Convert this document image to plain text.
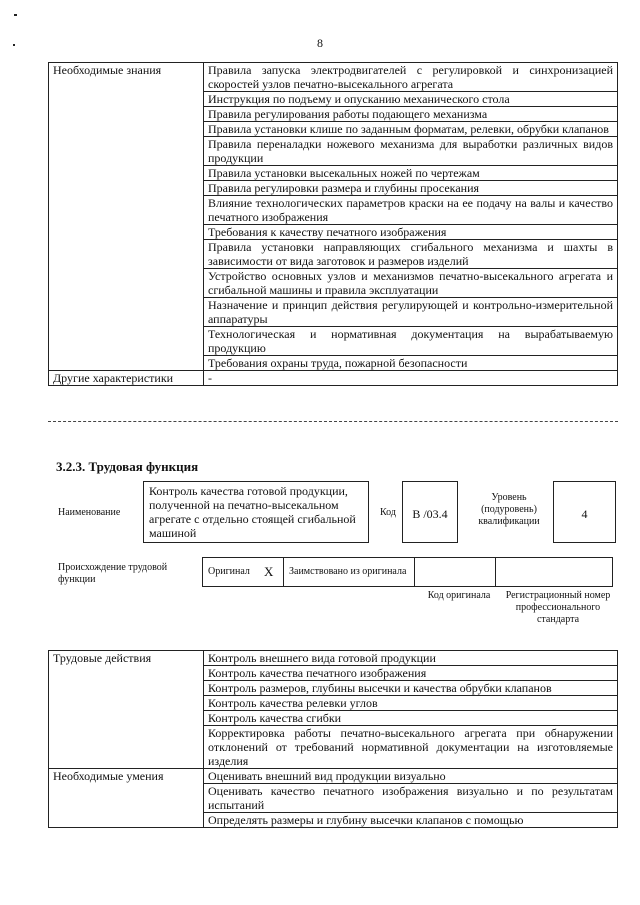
8
Необходимые знания	Правила запуска электродвигателей с регулировкой и синхронизацией скоростей узлов печатно-высекального агрегата
	Инструкция по подъему и опусканию механического стола
	Правила регулирования работы подающего механизма
	Правила установки клише по заданным форматам, релевки, обрубки клапанов
	Правила переналадки ножевого механизма для выработки различных видов продукции
	Правила установки высекальных ножей по чертежам
	Правила регулировки размера и глубины просекания
	Влияние технологических параметров краски на ее подачу на валы и качество печатного изображения
	Требования к качеству печатного изображения
	Правила установки направляющих сгибального механизма и шахты в зависимости от вида заготовок и размеров изделий
	Устройство основных узлов и механизмов печатно-высекального агрегата и сгибальной машины и правила эксплуатации
	Назначение и принцип действия регулирующей и контрольно-измерительной аппаратуры
	Технологическая и нормативная документация на вырабатываемую продукцию
	Требования охраны труда, пожарной безопасности
Другие характеристики	-
3.2.3. Трудовая функция
Наименование
Контроль качества готовой продукции, полученной на печатно-высекальном агрегате с отдельно стоящей сгибальной машиной
Код	В /03.4
Уровень (подуровень) квалификации
4
Происхождение трудовой функции
Оригинал	X	Заимствовано из оригинала		
Код оригинала	Регистрационный номер профессионального стандарта
Трудовые действия	Контроль внешнего вида готовой продукции
	Контроль качества печатного изображения
	Контроль размеров, глубины высечки и качества обрубки клапанов
	Контроль качества релевки углов
	Контроль качества сгибки
	Корректировка работы печатно-высекального агрегата при обнаружении отклонений от требований нормативной документации на изготовляемые изделия
Необходимые умения	Оценивать внешний вид продукции визуально
	Оценивать качество печатного изображения визуально и по результатам испытаний
	Определять размеры и глубину высечки клапанов с помощью
